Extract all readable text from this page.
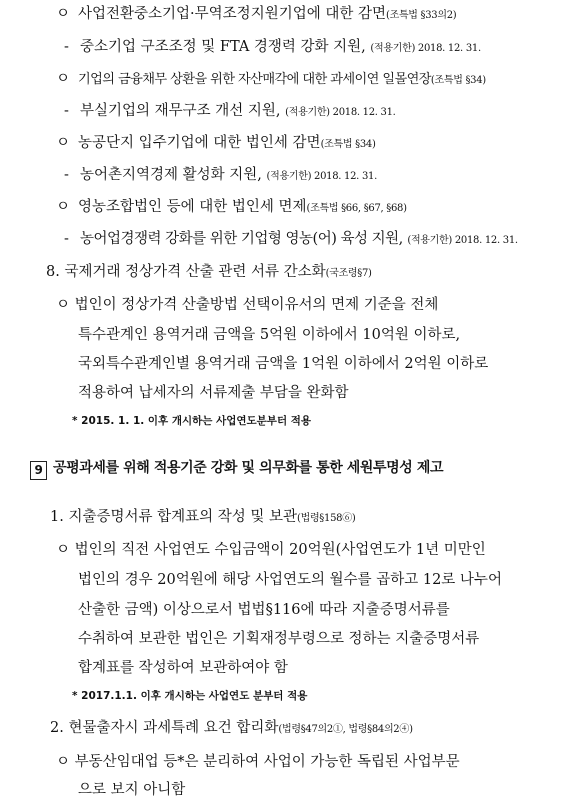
ㅇ 사업전환중소기업·무역조정지원기업에 대한 감면(조특법 §33의2)
- 중소기업 구조조정 및 FTA 경쟁력 강화 지원, (적용기한) 2018. 12. 31.
ㅇ 기업의 금융채무 상환을 위한 자산매각에 대한 과세이연 일몰연장(조특법 §34)
- 부실기업의 재무구조 개선 지원, (적용기한) 2018. 12. 31.
ㅇ 농공단지 입주기업에 대한 법인세 감면(조특법 §34)
- 농어촌지역경제 활성화 지원, (적용기한) 2018. 12. 31.
ㅇ 영농조합법인 등에 대한 법인세 면제(조특법 §66, §67, §68)
- 농어업경쟁력 강화를 위한 기업형 영농(어) 육성 지원, (적용기한) 2018. 12. 31.
8. 국제거래 정상가격 산출 관련 서류 간소화(국조령§7)
ㅇ 법인이 정상가격 산출방법 선택이유서의 면제 기준을 전체
특수관계인 용역거래 금액을 5억원 이하에서 10억원 이하로,
국외특수관계인별 용역거래 금액을 1억원 이하에서 2억원 이하로
적용하여 납세자의 서류제출 부담을 완화함
* 2015. 1. 1. 이후 개시하는 사업연도분부터 적용
9 공평과세를 위해 적용기준 강화 및 의무화를 통한 세원투명성 제고
1. 지출증명서류 합계표의 작성 및 보관(법령§158⑥)
ㅇ 법인의 직전 사업연도 수입금액이 20억원(사업연도가 1년 미만인
법인의 경우 20억원에 해당 사업연도의 월수를 곱하고 12로 나누어
산출한 금액) 이상으로서 법법§116에 따라 지출증명서류를
수취하여 보관한 법인은 기획재정부령으로 정하는 지출증명서류
합계표를 작성하여 보관하여야 함
* 2017.1.1. 이후 개시하는 사업연도 분부터 적용
2. 현물출자시 과세특례 요건 합리화(법령§47의2①, 법령§84의2④)
ㅇ 부동산임대업 등*은 분리하여 사업이 가능한 독립된 사업부문
으로 보지 아니함
